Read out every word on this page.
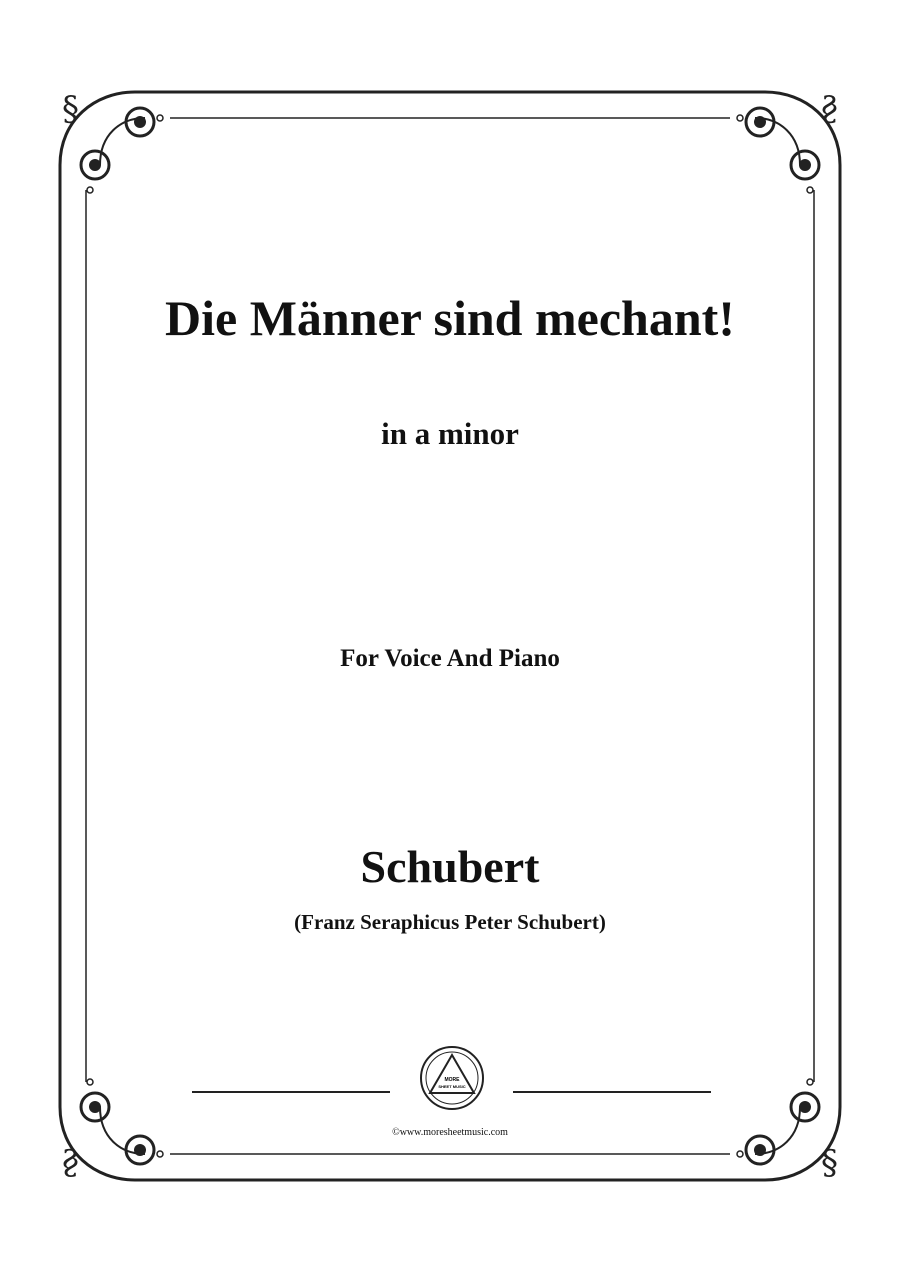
Die Männer sind mechant!
in a minor
For Voice And Piano
Schubert
(Franz Seraphicus Peter Schubert)
MORE
SHEET MUSIC
©www.moresheetmusic.com
